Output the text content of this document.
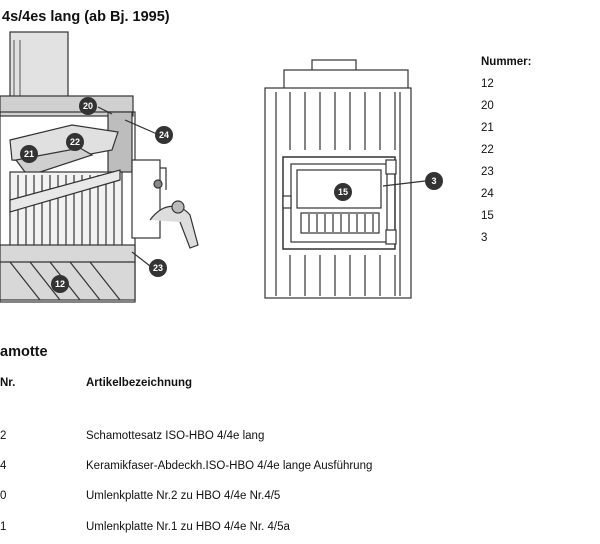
4s/4es lang (ab Bj. 1995)
20
24
22
21
12
23
15
3
Nummer:
12
20
21
22
23
24
15
3
amotte
Nr.	Artikelbezeichnung
2	Schamottesatz ISO-HBO 4/4e lang
4	Keramikfaser-Abdeckh.ISO-HBO 4/4e lange Ausführung
0	Umlenkplatte Nr.2 zu HBO 4/4e Nr.4/5
1	Umlenkplatte Nr.1 zu HBO 4/4e Nr. 4/5a
